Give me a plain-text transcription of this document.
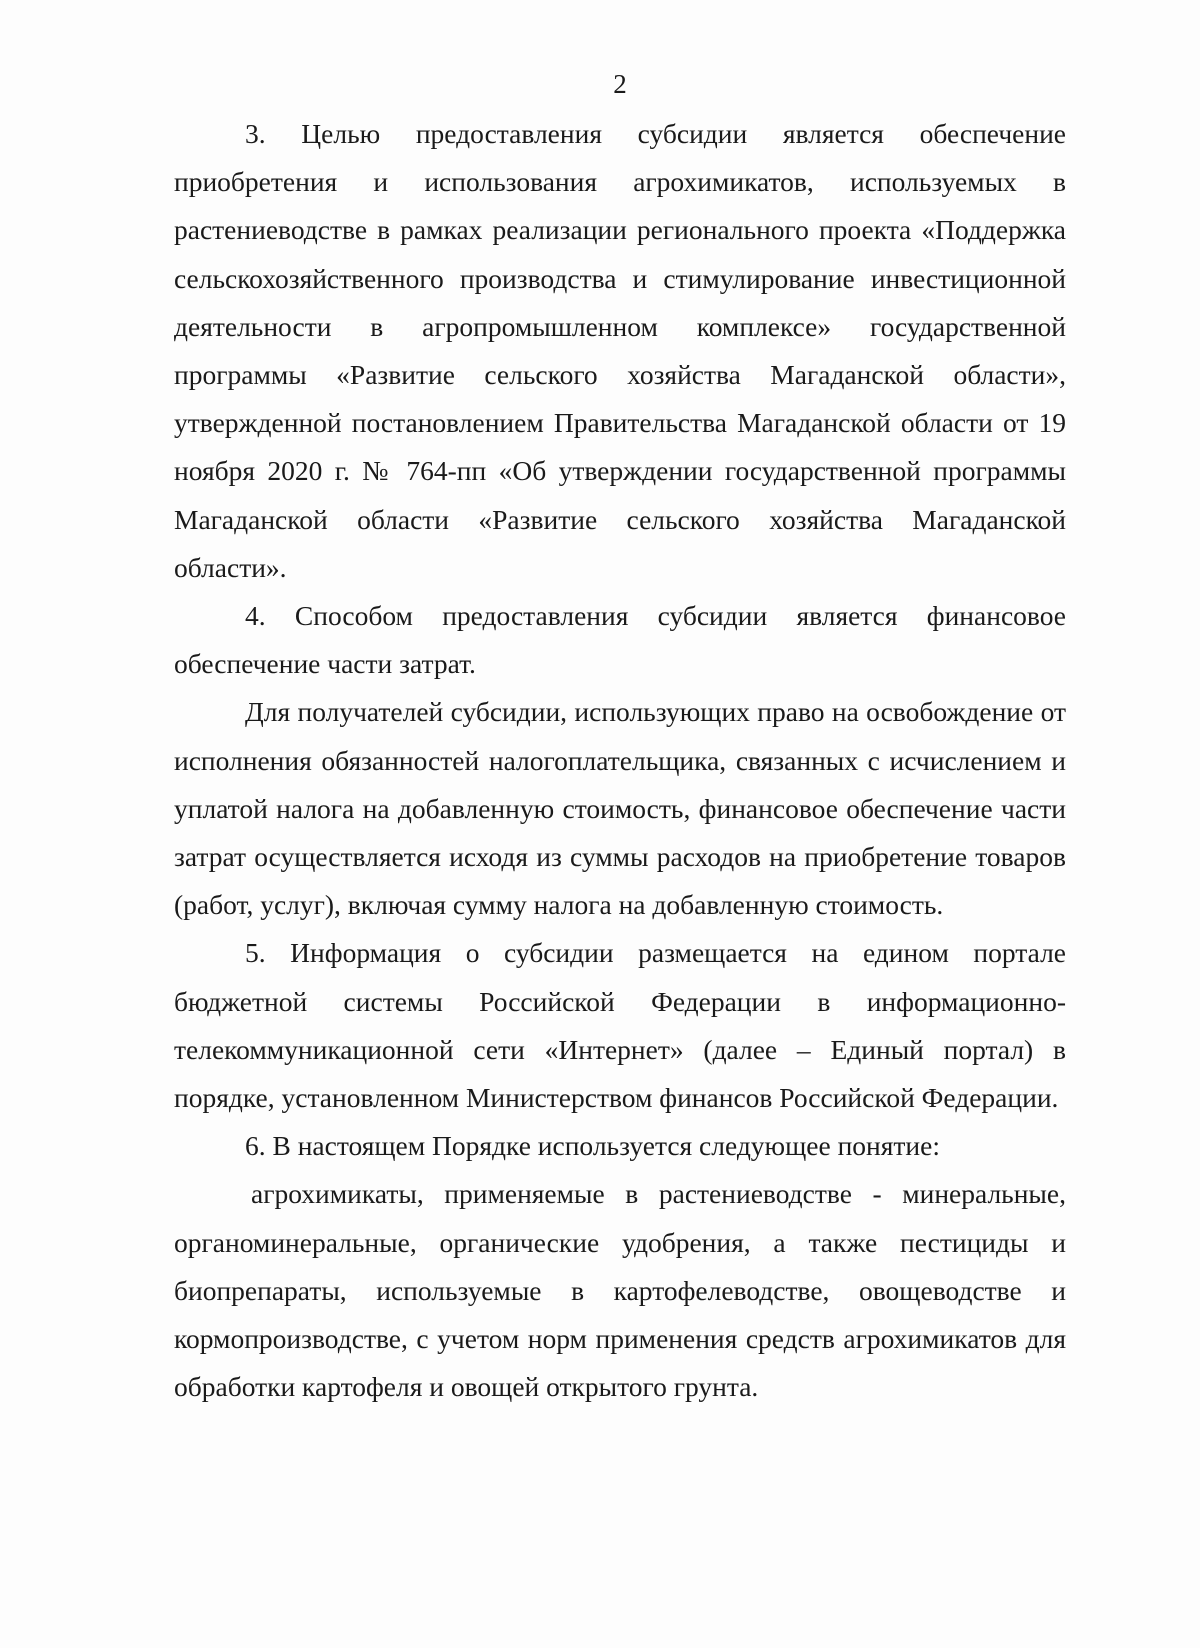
2

3. Целью предоставления субсидии является обеспечение приобретения и использования агрохимикатов, используемых в растениеводстве в рамках реализации регионального проекта «Поддержка сельскохозяйственного производства и стимулирование инвестиционной деятельности в агропромышленном комплексе» государственной программы «Развитие сельского хозяйства Магаданской области», утвержденной постановлением Правительства Магаданской области от 19 ноября 2020 г. № 764-пп «Об утверждении государственной программы Магаданской области «Развитие сельского хозяйства Магаданской области».

4. Способом предоставления субсидии является финансовое обеспечение части затрат.

Для получателей субсидии, использующих право на освобождение от исполнения обязанностей налогоплательщика, связанных с исчислением и уплатой налога на добавленную стоимость, финансовое обеспечение части затрат осуществляется исходя из суммы расходов на приобретение товаров (работ, услуг), включая сумму налога на добавленную стоимость.

5. Информация о субсидии размещается на едином портале бюджетной системы Российской Федерации в информационно-телекоммуникационной сети «Интернет» (далее – Единый портал) в порядке, установленном Министерством финансов Российской Федерации.

6. В настоящем Порядке используется следующее понятие:

агрохимикаты, применяемые в растениеводстве - минеральные, органоминеральные, органические удобрения, а также пестициды и биопрепараты, используемые в картофелеводстве, овощеводстве и кормопроизводстве, с учетом норм применения средств агрохимикатов для обработки картофеля и овощей открытого грунта.
